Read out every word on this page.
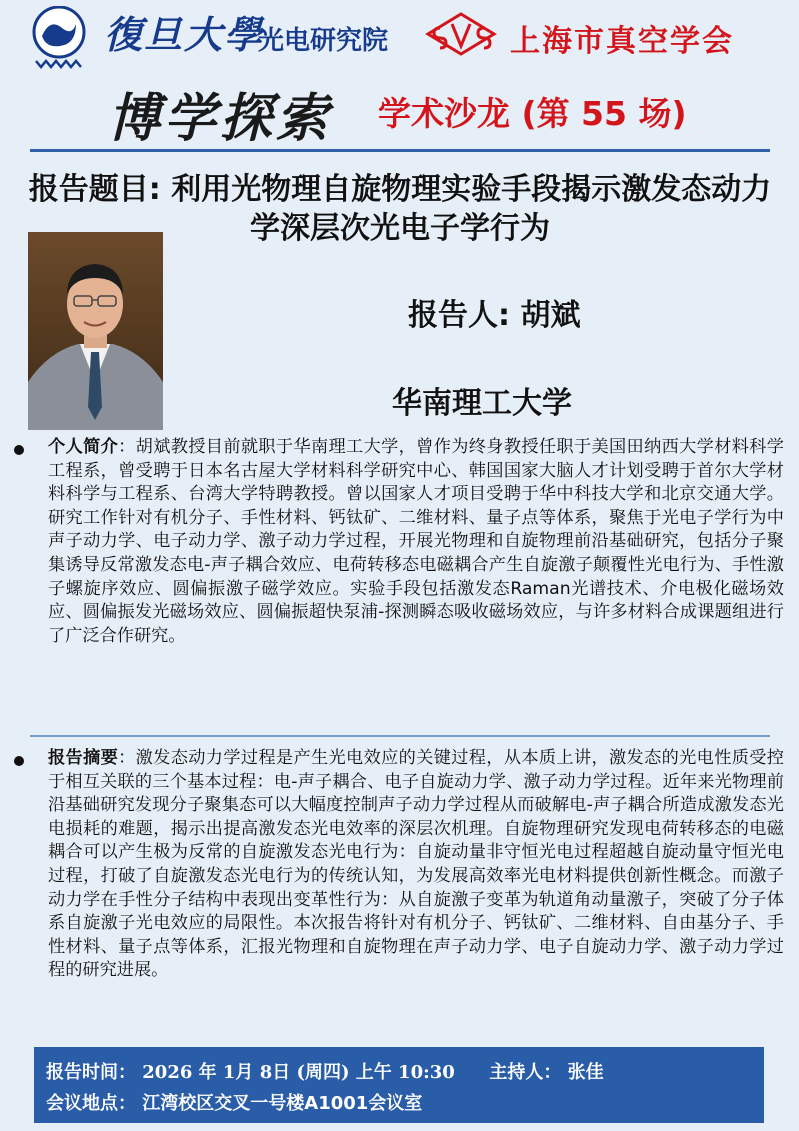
復旦大學
光电研究院	上海市真空学会
博学探索 学术沙龙 (第 55 场)
报告题目: 利用光物理自旋物理实验手段揭示激发态动力学深层次光电子学行为
报告人: 胡斌
华南理工大学
个人简介：胡斌教授目前就职于华南理工大学，曾作为终身教授任职于美国田纳西大学材料科学工程系，曾受聘于日本名古屋大学材料科学研究中心、韩国国家大脑人才计划受聘于首尔大学材料科学与工程系、台湾大学特聘教授。曾以国家人才项目受聘于华中科技大学和北京交通大学。研究工作针对有机分子、手性材料、钙钛矿、二维材料、量子点等体系，聚焦于光电子学行为中声子动力学、电子动力学、激子动力学过程，开展光物理和自旋物理前沿基础研究，包括分子聚集诱导反常激发态电-声子耦合效应、电荷转移态电磁耦合产生自旋激子颠覆性光电行为、手性激子螺旋序效应、圆偏振激子磁学效应。实验手段包括激发态Raman光谱技术、介电极化磁场效应、圆偏振发光磁场效应、圆偏振超快泵浦-探测瞬态吸收磁场效应，与许多材料合成课题组进行了广泛合作研究。
报告摘要：激发态动力学过程是产生光电效应的关键过程，从本质上讲，激发态的光电性质受控于相互关联的三个基本过程：电-声子耦合、电子自旋动力学、激子动力学过程。近年来光物理前沿基础研究发现分子聚集态可以大幅度控制声子动力学过程从而破解电-声子耦合所造成激发态光电损耗的难题，揭示出提高激发态光电效率的深层次机理。自旋物理研究发现电荷转移态的电磁耦合可以产生极为反常的自旋激发态光电行为：自旋动量非守恒光电过程超越自旋动量守恒光电过程，打破了自旋激发态光电行为的传统认知，为发展高效率光电材料提供创新性概念。而激子动力学在手性分子结构中表现出变革性行为：从自旋激子变革为轨道角动量激子，突破了分子体系自旋激子光电效应的局限性。本次报告将针对有机分子、钙钛矿、二维材料、自由基分子、手性材料、量子点等体系，汇报光物理和自旋物理在声子动力学、电子自旋动力学、激子动力学过程的研究进展。
报告时间： 2026 年 1月 8日 (周四) 上午 10:30 主持人： 张佳
会议地点： 江湾校区交叉一号楼A1001会议室
